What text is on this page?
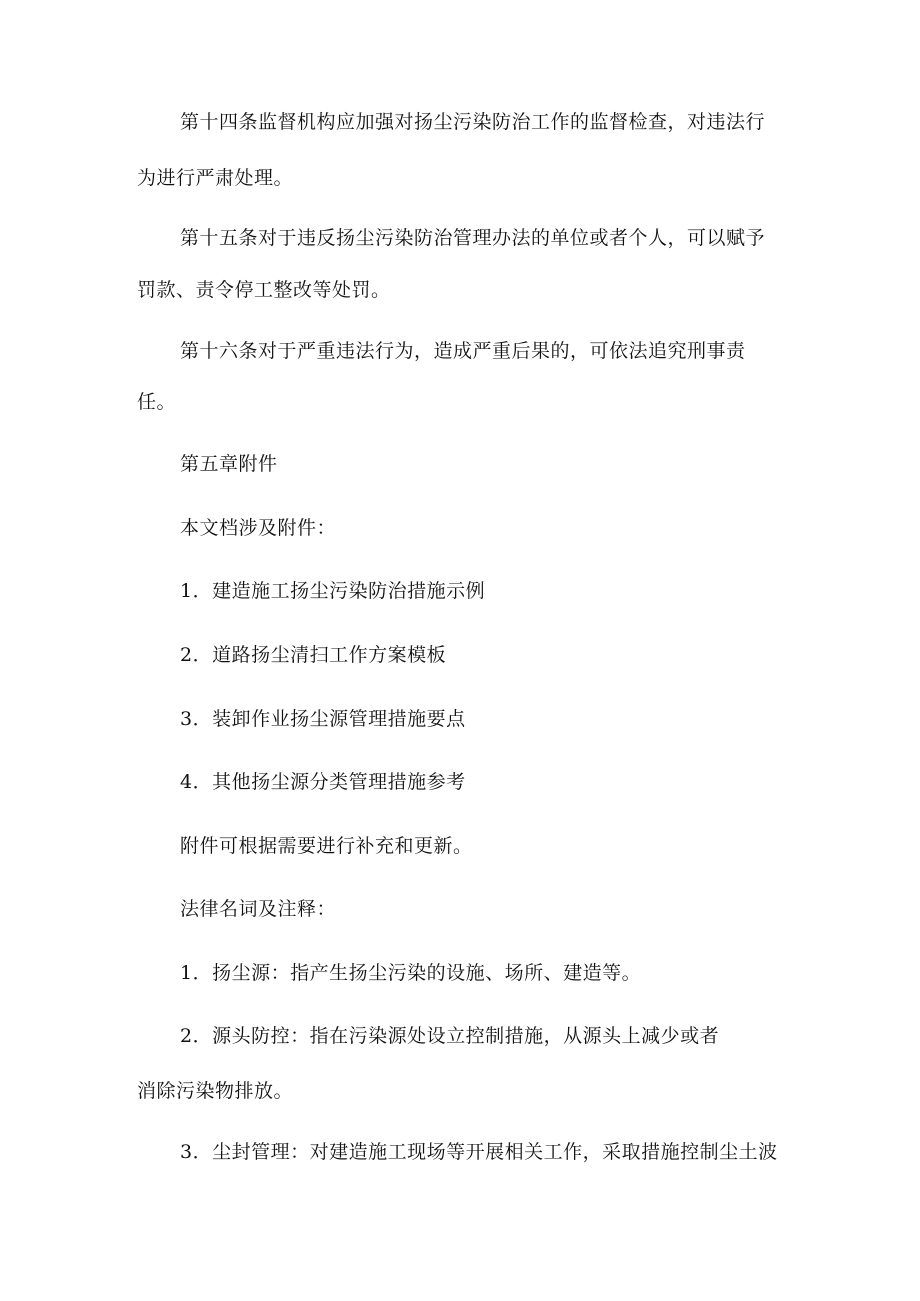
第十四条监督机构应加强对扬尘污染防治工作的监督检查，对违法行
为进行严肃处理。
第十五条对于违反扬尘污染防治管理办法的单位或者个人，可以赋予
罚款、责令停工整改等处罚。
第十六条对于严重违法行为，造成严重后果的，可依法追究刑事责
任。
第五章附件
本文档涉及附件：
1．建造施工扬尘污染防治措施示例
2．道路扬尘清扫工作方案模板
3．装卸作业扬尘源管理措施要点
4．其他扬尘源分类管理措施参考
附件可根据需要进行补充和更新。
法律名词及注释：
1．扬尘源：指产生扬尘污染的设施、场所、建造等。
2．源头防控：指在污染源处设立控制措施，从源头上减少或者
消除污染物排放。
3．尘封管理：对建造施工现场等开展相关工作，采取措施控制尘土波
